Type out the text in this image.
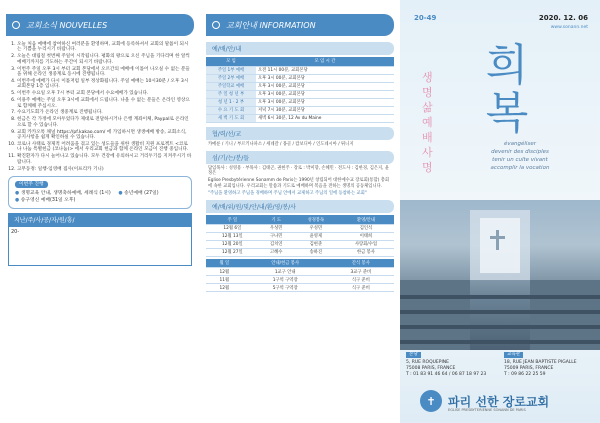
교회소식 NOUVELLES
1. 오늘 처음 예배에 참여하신 여러분을 환영하며, 교회에 등록하셔서 교회의 말씀이 되시는 기쁨을 누리시기 바랍니다.
2. 오늘은 대림절 첫번째 주일이 시작됩니다. 평화의 왕으로 오신 주님을 기다리며 한 알씩 예배기까지를 기도하는 주간이 되시기 바랍니다.
3. 이번주 주일 오후 3시 부터 교회 본당에서 오르간의 예배에 이틀어 나오실 수 없는 분들을 위해 온라인 생중계로 동시에 진행됩니다.
4. 이번주에 예배가 다시 이틀저럼 일부 정상화됩니다. 주일 예배는 10시30분 / 오후 3시 교회본당 1층 입니다.
5. 이번주 수요일 오후 7시 부터 교회 본당에서 수요예배가 있습니다.
6. 이용주 예배는 주일 오후 3시에 교회에서 드립니다. 나올 수 없는 분들은 온라인 영상으로 함께해 주십시오.
7. 수요기도회가 온라인 생중계로 진행됩니다.
8. 헌금은 각 가정에 모아두었다가 제대로 전달하시거나 은행 계좌이체, Paypal로 온라인으로 할 수 있습니다.
9. 교회 카카오톡 채널 https://pf.kakao.com/ 에 가입하시면 생생예배 방송, 교회소식, 공지사항을 쉽게 확인하실 수 있습니다.
10. 코로나 사태로 경제적 어려움을 겪고 있는 성도들을 위한 생활비 지원 프로젝트 <코로나 나눔 특별헌금 (코나눔)> 에서 우리교회 헌금과 함께 온라인 모금이 진행 중입니다.
11. 확진환자가 다시 늘어나고 있습니다. 모두 건강에 유의하시고 거리두기를 지켜주시기 바랍니다.
12. 고무동정: 일행-임영배 집사(이프리카 기니)
이번주 진행
● 생명교육 안내, 생명축하예배, 세례식 (1시)	● 송년예배 (27일)
● 송구영신 예배(31일 오후)
지난/주/사/공/자/원/흥/
20-
교회안내 INFORMATION
예/배/안/내
모 임	모 임 시 간
주일 1부 예배	오전 11시 00분, 교회본당
주일 2부 예배	오후 3시 00분, 교회본당
주일학교 예배	오후 3시 00분, 교회본당
주 일 청 년 부	오후 3시 00분, 교회본당
청 년 1 · 2 부	오후 3시 00분, 교회본당
수 요 기 도 회	저녁 7시 30분, 교회본당
새 벽 기 도 회	새벽 6시 30분, 12 Av du Maine
협/력/선/교
카메룬 / 기니 / 부르키나파소 / 세네갈 / 몽골 / 캄보디아 / 인도네시아 / 튀니지
섬/기/는/분/들
담임목사 : 성영용 · 부목사 : 김태곤, 권현주 · 장로 : 박미향, 손혜민 · 전도사 : 김한경, 김은지, 윤정은
Eglise Presbytérienne Sonamm de Paris는 1990년 창립되어 대한예수교 장로회(통합) 총회에 속한 교회입니다. 우리교회는 말씀과 기도로 예배하며 복음을 전하는 생명의 공동체입니다.
"주님을 환영하고 주님을 경배하며 주님 안에서 교제하고 주님의 일에 동참하는 교회"
예/배/위/원/및/안/내/환/영/봉/사
주 일	기 도	성경봉독	환영/안내
12월 6일	우성민	우성민	김인석
12월 13일	구나민	윤영제	이태희
12월 20일	김치연	김현준	사랑회/수업
12월 27일	고혜수	송하진	한금 봉사
월 일	안내/헌금 봉사	간식 봉사
12월	1교구 안내	3교구 준비
11월	1구역 구역장	식구 준비
12월	5구역 구역장	식구 준비
20-49	2020. 12. 06
www.sonann.net
생명
삶
예배
사명
희
복
évangéliser
devenir des disciples
tenir un culte vivant
accomplir la vocation
본당
5, RUE ROQUEPINE
75008 PARIS, FRANCE
T : 01 83 91 46 64 / 06 87 18 97 23
교육관
18, RUE JEAN BAPTISTE PIGALLE
75009 PARIS, FRANCE
T : 09 86 22 25 59
✝	파리 선한 장로교회
EGLISE PRESBYTERIENNE SONANN DE PARIS
